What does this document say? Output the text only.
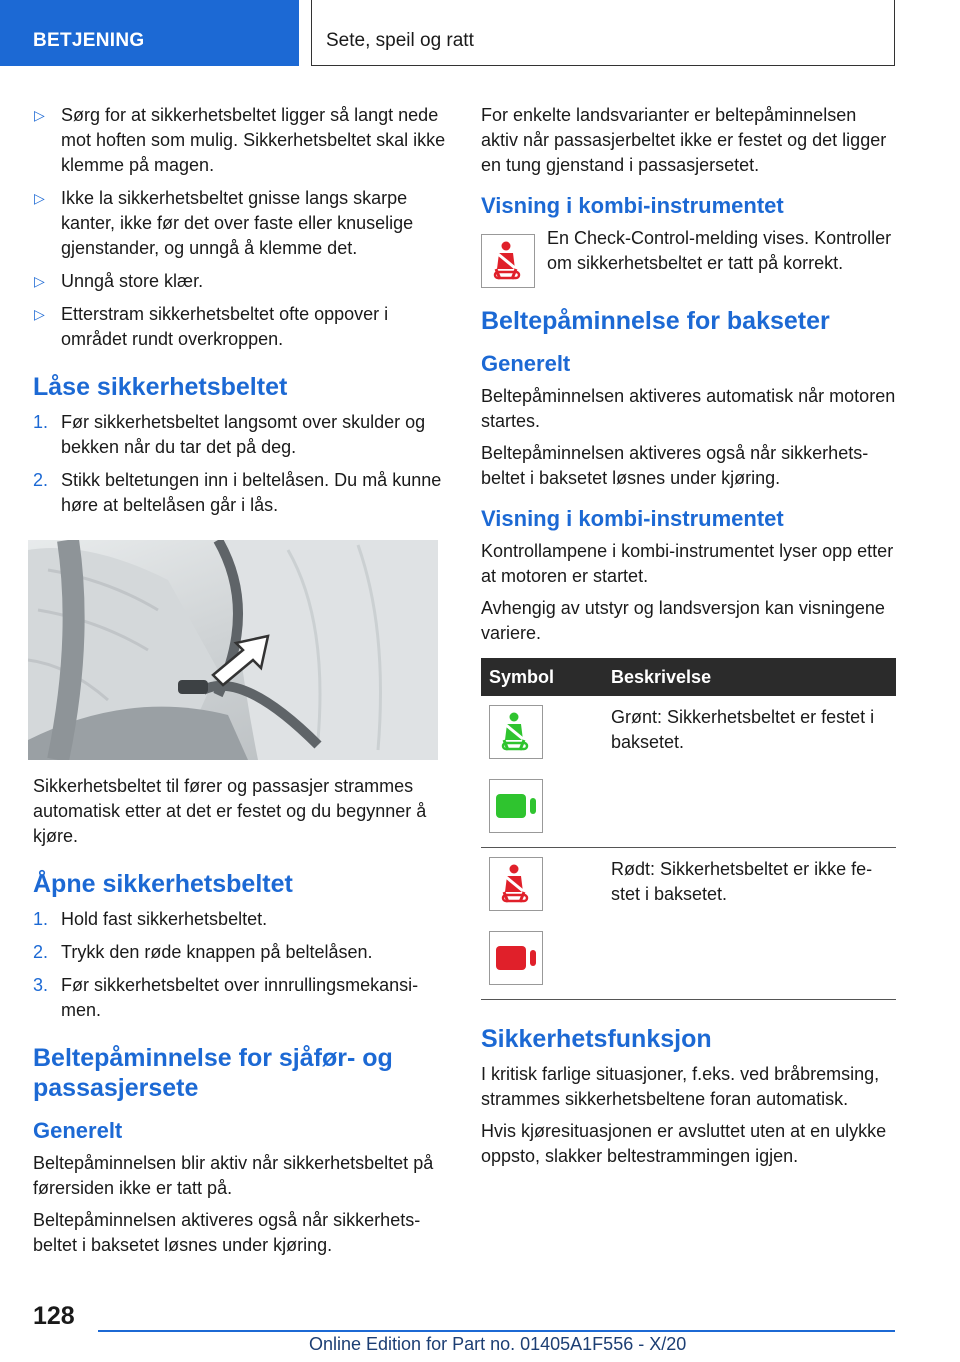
BETJENING	Sete, speil og ratt
▷ Sørg for at sikkerhetsbeltet ligger så langt nede mot hoften som mulig. Sikkerhetsbeltet skal ikke klemme på magen.
▷ Ikke la sikkerhetsbeltet gnisse langs skarpe kanter, ikke før det over faste eller knuselige gjenstander, og unngå å klemme det.
▷ Unngå store klær.
▷ Etterstram sikkerhetsbeltet ofte oppover i området rundt overkroppen.
Låse sikkerhetsbeltet
1. Før sikkerhetsbeltet langsomt over skulder og bekken når du tar det på deg.
2. Stikk beltetungen inn i beltelåsen. Du må kunne høre at beltelåsen går i lås.

Sikkerhetsbeltet til fører og passasjer strammes automatisk etter at det er festet og du begynner å kjøre.

Åpne sikkerhetsbeltet
1. Hold fast sikkerhetsbeltet.
2. Trykk den røde knappen på beltelåsen.
3. Før sikkerhetsbeltet over innrullingsmekansimen.
Beltepåminnelse for sjåfør- og passasjersete
Generelt

Beltepåminnelsen blir aktiv når sikkerhetsbeltet på førersiden ikke er tatt på.

Beltepåminnelsen aktiveres også når sikkerhetsbeltet i baksetet løsnes under kjøring.

For enkelte landsvarianter er beltepåminnelsen aktiv når passasjerbeltet ikke er festet og det ligger en tung gjenstand i passasjersetet.

Visning i kombi-instrumentet

En Check-Control-melding vises. Kontroller om sikkerhetsbeltet er tatt på korrekt.

Beltepåminnelse for bakseter
Generelt

Beltepåminnelsen aktiveres automatisk når motoren startes.

Beltepåminnelsen aktiveres også når sikkerhetsbeltet i baksetet løsnes under kjøring.

Visning i kombi-instrumentet

Kontrollampene i kombi-instrumentet lyser opp etter at motoren er startet.

Avhengig av utstyr og landsversjon kan visningene variere.

Symbol	Beskrivelse

	Grønt: Sikkerhetsbeltet er festet i baksetet.

	Rødt: Sikkerhetsbeltet er ikke festet i baksetet.
Sikkerhetsfunksjon

I kritisk farlige situasjoner, f.eks. ved bråbremsing, strammes sikkerhetsbeltene foran automatisk.

Hvis kjøresituasjonen er avsluttet uten at en ulykke oppsto, slakker beltestrammingen igjen.

128
Online Edition for Part no. 01405A1F556 - X/20
